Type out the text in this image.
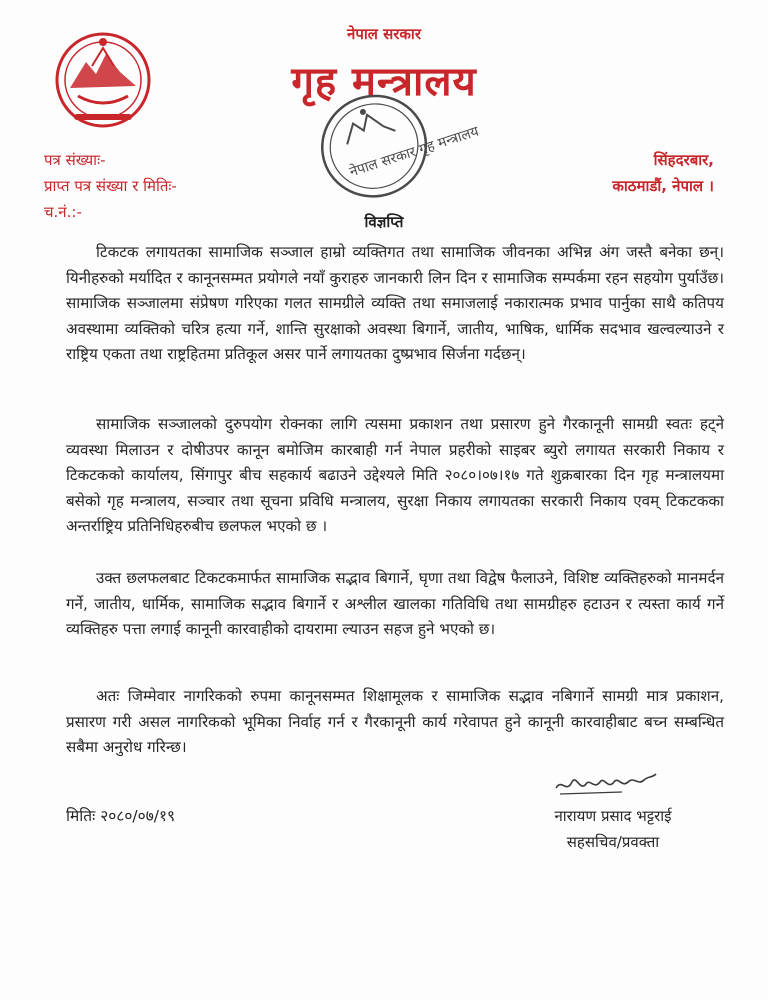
नेपाल सरकार
गृह मन्त्रालय
नेपाल सरकार गृह मन्त्रालय
पत्र संख्याः-
प्राप्त पत्र संख्या र मितिः-
च.नं.:-
सिंहदरबार,
काठमाडौं, नेपाल ।
विज्ञप्ति

टिकटक लगायतका सामाजिक सञ्जाल हाम्रो व्यक्तिगत तथा सामाजिक जीवनका अभिन्न अंग जस्तै बनेका छन्। यिनीहरुको मर्यादित र कानूनसम्मत प्रयोगले नयाँ कुराहरु जानकारी लिन दिन र सामाजिक सम्पर्कमा रहन सहयोग पुर्याउँछ। सामाजिक सञ्जालमा संप्रेषण गरिएका गलत सामग्रीले व्यक्ति तथा समाजलाई नकारात्मक प्रभाव पार्नुका साथै कतिपय अवस्थामा व्यक्तिको चरित्र हत्या गर्ने, शान्ति सुरक्षाको अवस्था बिगार्ने, जातीय, भाषिक, धार्मिक सदभाव खल्वल्याउने र राष्ट्रिय एकता तथा राष्ट्रहितमा प्रतिकूल असर पार्ने लगायतका दुष्प्रभाव सिर्जना गर्दछन्।

सामाजिक सञ्जालको दुरुपयोग रोक्नका लागि त्यसमा प्रकाशन तथा प्रसारण हुने गैरकानूनी सामग्री स्वतः हट्ने व्यवस्था मिलाउन र दोषीउपर कानून बमोजिम कारबाही गर्न नेपाल प्रहरीको साइबर ब्युरो लगायत सरकारी निकाय र टिकटकको कार्यालय, सिंगापुर बीच सहकार्य बढाउने उद्देश्यले मिति २०८०।०७।१७ गते शुक्रबारका दिन गृह मन्त्रालयमा बसेको गृह मन्त्रालय, सञ्चार तथा सूचना प्रविधि मन्त्रालय, सुरक्षा निकाय लगायतका सरकारी निकाय एवम् टिकटकका अन्तर्राष्ट्रिय प्रतिनिधिहरुबीच छलफल भएको छ ।

उक्त छलफलबाट टिकटकमार्फत सामाजिक सद्भाव बिगार्ने, घृणा तथा विद्वेष फैलाउने, विशिष्ट व्यक्तिहरुको मानमर्दन गर्ने, जातीय, धार्मिक, सामाजिक सद्भाव बिगार्ने र अश्लील खालका गतिविधि तथा सामग्रीहरु हटाउन र त्यस्ता कार्य गर्ने व्यक्तिहरु पत्ता लगाई कानूनी कारवाहीको दायरामा ल्याउन सहज हुने भएको छ।

अतः जिम्मेवार नागरिकको रुपमा कानूनसम्मत शिक्षामूलक र सामाजिक सद्भाव नबिगार्ने सामग्री मात्र प्रकाशन, प्रसारण गरी असल नागरिकको भूमिका निर्वाह गर्न र गैरकानूनी कार्य गरेवापत हुने कानूनी कारवाहीबाट बच्न सम्बन्धित सबैमा अनुरोध गरिन्छ।

मितिः २०८०/०७/१९	नारायण प्रसाद भट्टराई
सहसचिव/प्रवक्ता
